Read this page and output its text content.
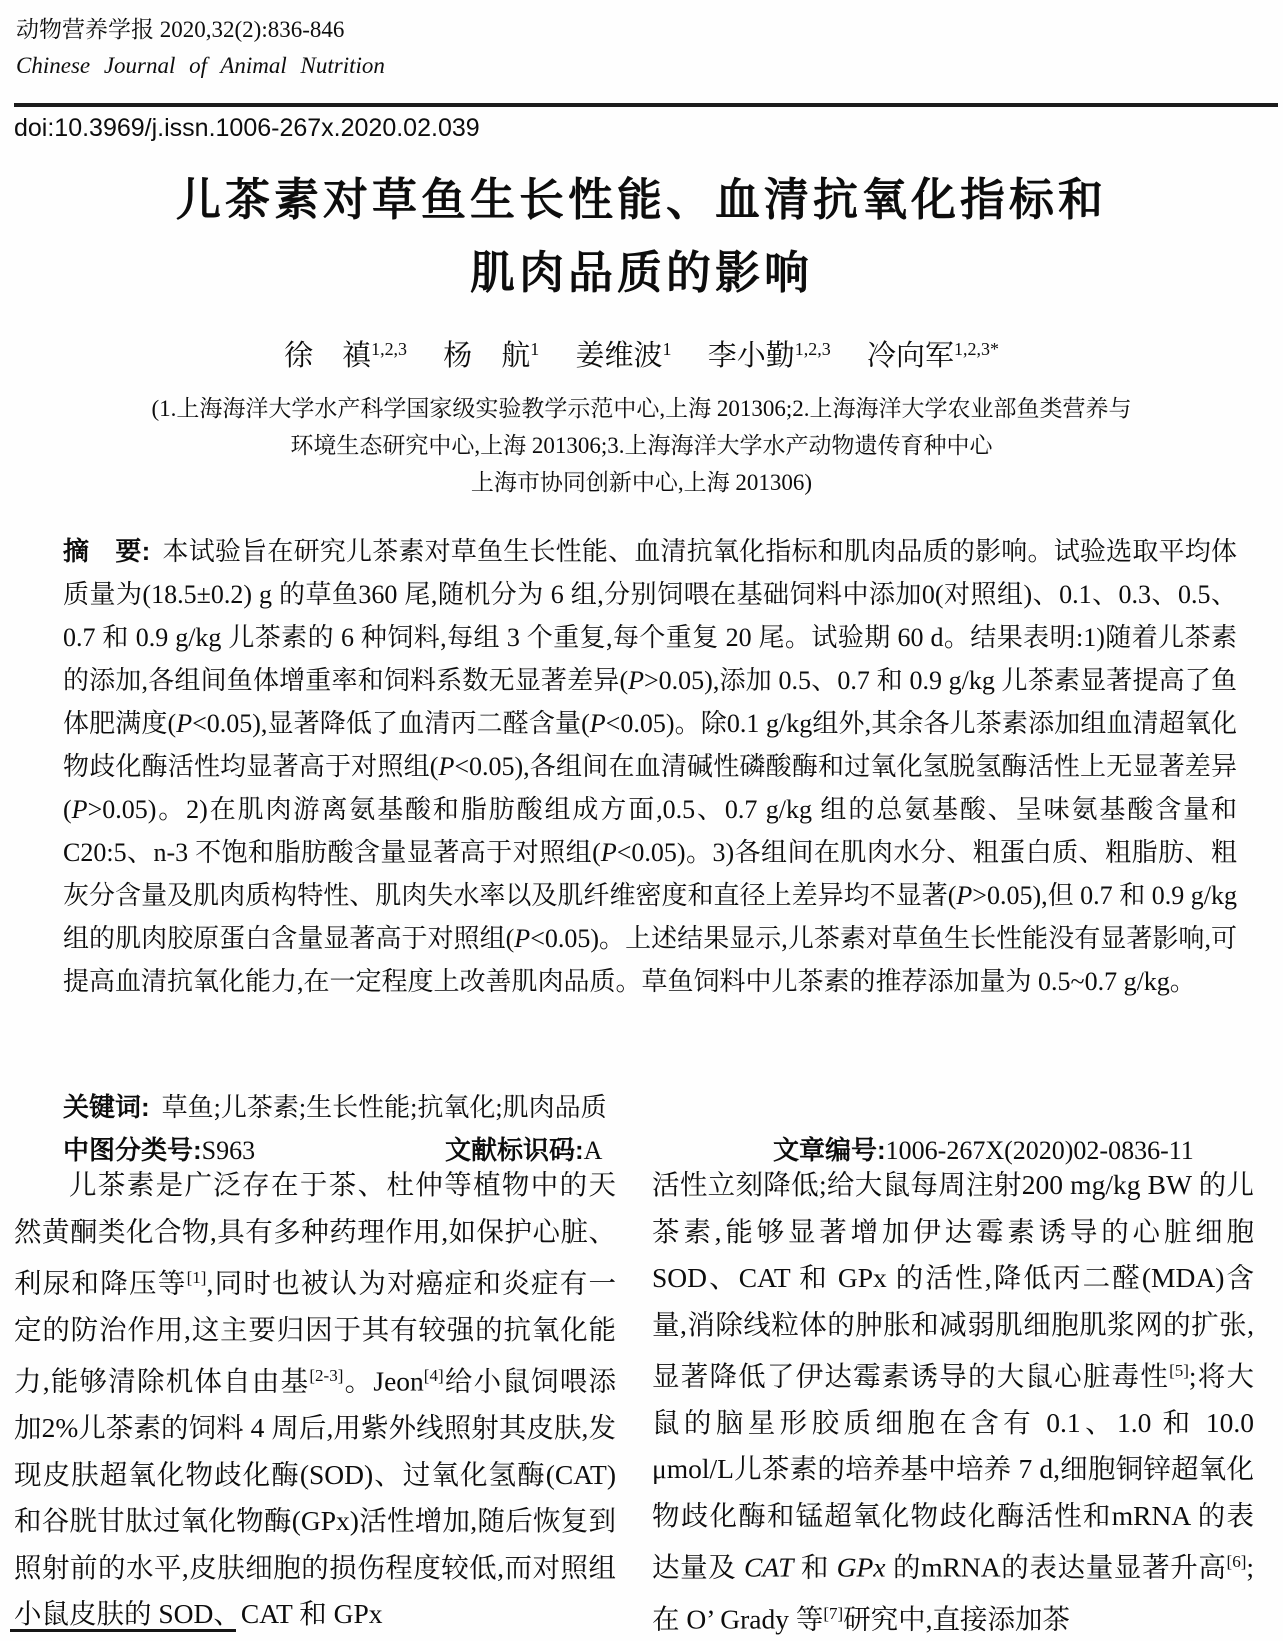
动物营养学报 2020,32(2):836-846
Chinese Journal of Animal Nutrition
doi:10.3969/j.issn.1006-267x.2020.02.039
儿茶素对草鱼生长性能、血清抗氧化指标和
肌肉品质的影响
徐　禛$^{1,2,3}$　 杨　航$^1$　 姜维波$^1$　 李小勤$^{1,2,3}$　 冷向军$^{1,2,3*}$
(1.上海海洋大学水产科学国家级实验教学示范中心,上海 201306;2.上海海洋大学农业部鱼类营养与
环境生态研究中心,上海 201306;3.上海海洋大学水产动物遗传育种中心
上海市协同创新中心,上海 201306)
摘　要: 本试验旨在研究儿茶素对草鱼生长性能、血清抗氧化指标和肌肉品质的影响。试验选取平均体质量为(18.5±0.2) g 的草鱼360 尾,随机分为 6 组,分别饲喂在基础饲料中添加0(对照组)、0.1、0.3、0.5、0.7 和 0.9 g/kg 儿茶素的 6 种饲料,每组 3 个重复,每个重复 20 尾。试验期 60 d。结果表明:1)随着儿茶素的添加,各组间鱼体增重率和饲料系数无显著差异(P>0.05),添加 0.5、0.7 和 0.9 g/kg 儿茶素显著提高了鱼体肥满度(P<0.05),显著降低了血清丙二醛含量(P<0.05)。除0.1 g/kg组外,其余各儿茶素添加组血清超氧化物歧化酶活性均显著高于对照组(P<0.05),各组间在血清碱性磷酸酶和过氧化氢脱氢酶活性上无显著差异(P>0.05)。2)在肌肉游离氨基酸和脂肪酸组成方面,0.5、0.7 g/kg 组的总氨基酸、呈味氨基酸含量和 C20:5、n-3 不饱和脂肪酸含量显著高于对照组(P<0.05)。3)各组间在肌肉水分、粗蛋白质、粗脂肪、粗灰分含量及肌肉质构特性、肌肉失水率以及肌纤维密度和直径上差异均不显著(P>0.05),但 0.7 和 0.9 g/kg 组的肌肉胶原蛋白含量显著高于对照组(P<0.05)。上述结果显示,儿茶素对草鱼生长性能没有显著影响,可提高血清抗氧化能力,在一定程度上改善肌肉品质。草鱼饲料中儿茶素的推荐添加量为 0.5~0.7 g/kg。
关键词: 草鱼;儿茶素;生长性能;抗氧化;肌肉品质
中图分类号:S963	文献标识码:A	文章编号:1006-267X(2020)02-0836-11

儿茶素是广泛存在于茶、杜仲等植物中的天然黄酮类化合物,具有多种药理作用,如保护心脏、利尿和降压等[1],同时也被认为对癌症和炎症有一定的防治作用,这主要归因于其有较强的抗氧化能力,能够清除机体自由基[2-3]。Jeon[4]给小鼠饲喂添加2%儿茶素的饲料 4 周后,用紫外线照射其皮肤,发现皮肤超氧化物歧化酶(SOD)、过氧化氢酶(CAT)和谷胱甘肽过氧化物酶(GPx)活性增加,随后恢复到照射前的水平,皮肤细胞的损伤程度较低,而对照组小鼠皮肤的 SOD、CAT 和 GPx

活性立刻降低;给大鼠每周注射200 mg/kg BW 的儿茶素,能够显著增加伊达霉素诱导的心脏细胞SOD、CAT 和 GPx 的活性,降低丙二醛(MDA)含量,消除线粒体的肿胀和减弱肌细胞肌浆网的扩张,显著降低了伊达霉素诱导的大鼠心脏毒性[5];将大鼠的脑星形胶质细胞在含有 0.1、1.0 和 10.0 μmol/L儿茶素的培养基中培养 7 d,细胞铜锌超氧化物歧化酶和锰超氧化物歧化酶活性和mRNA 的表达量及 CAT 和 GPx 的mRNA的表达量显著升高[6];在 O’ Grady 等[7]研究中,直接添加茶
